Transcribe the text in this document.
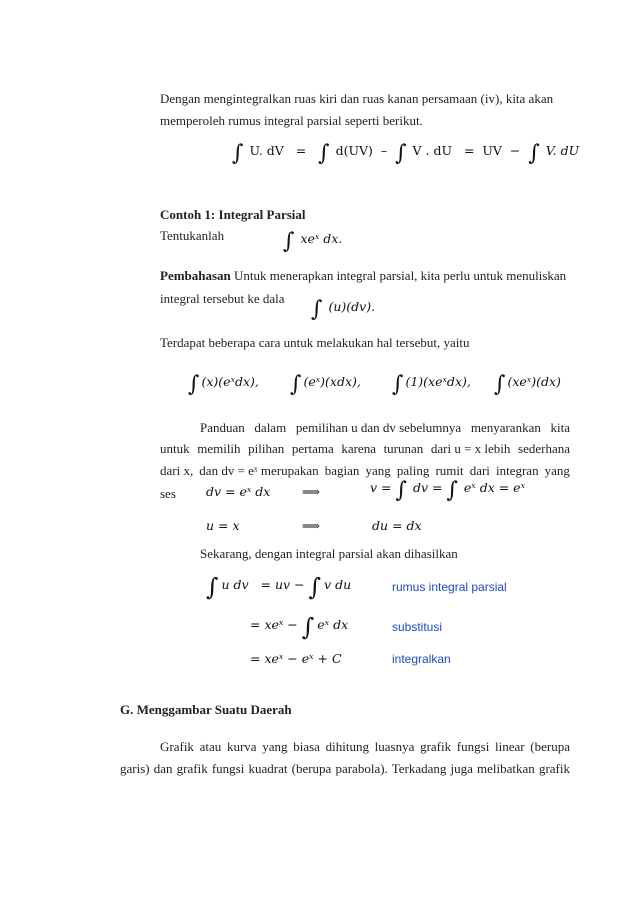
Dengan mengintegralkan ruas kiri dan ruas kanan persamaan (iv), kita akan
memperoleh rumus integral parsial seperti berikut.
∫ U. dV = ∫ d(UV) – ∫ V . dU = UV − ∫ V. dU
Contoh 1: Integral Parsial
Tentukanlah	∫ xeˣ dx.
Pembahasan Untuk menerapkan integral parsial, kita perlu untuk menuliskan
integral tersebut ke dala ∫ (u)(dv).
Terdapat beberapa cara untuk melakukan hal tersebut, yaitu
∫ (x)(eˣdx), ∫ (eˣ)(xdx), ∫ (1)(xeˣdx), ∫ (xeˣ)(dx)
Panduan dalam pemilihan u dan dv sebelumnya menyarankan kita
untuk memilih pilihan pertama karena turunan dari u = x lebih sederhana
dari x, dan dv = eˣ merupakan bagian yang paling rumit dari integran yang
ses dv = eˣ dx	⟹	v = ∫ dv = ∫ eˣ dx = eˣ
u = x	⟹	du = dx
Sekarang, dengan integral parsial akan dihasilkan
∫ u dv = uv − ∫ v du	rumus integral parsial
= xeˣ − ∫ eˣ dx	substitusi
= xeˣ − eˣ + C	integralkan
G. Menggambar Suatu Daerah
Grafik atau kurva yang biasa dihitung luasnya grafik fungsi linear (berupa
garis) dan grafik fungsi kuadrat (berupa parabola). Terkadang juga melibatkan grafik
